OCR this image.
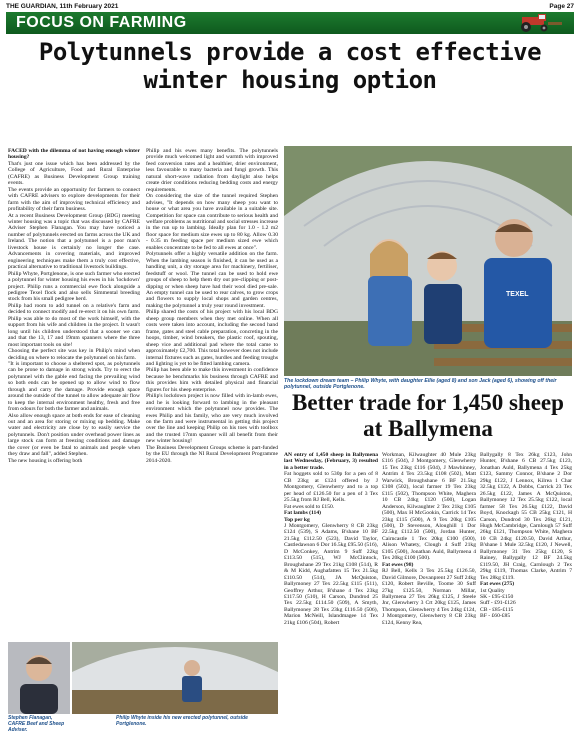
THE GUARDIAN, 11th February 2021	Page 27
FOCUS ON FARMING
Polytunnels provide a cost effective winter housing option

FACED with the dilemma of not having enough winter housing?

That's just one issue which has been addressed by the College of Agriculture, Food and Rural Enterprise (CAFRE) as Business Development Group training events.

The events provide an opportunity for farmers to connect with CAFRE advisers to explore developments for their farm with the aim of improving technical efficiency and profitability of their farm business.

At a recent Business Development Group (BDG) meeting winter housing was a topic that was discussed by CAFRE Adviser Stephen Flanagan. You may have noticed a number of polytunnels erected on farms across the UK and Ireland. The notion that a polytunnel is a poor man's livestock house is certainly no longer the case. Advancements in covering materials, and improved engineering techniques make them a truly cost effective, practical alternative to traditional livestock buildings.

Philip Whyte, Portglenone, is one such farmer who erected a polytunnel for winter housing his ewes in his 'lockdown' project. Philip runs a commercial ewe flock alongside a pedigree Texel flock and also sells Simmental breeding stock from his small pedigree herd.

Philip had room to add tunnel on a relative's farm and decided to connect modify and re-erect it on his own farm. Philip was able to do most of the work himself, with the support from his wife and children in the project. It wasn't long until his children understood that a sooner we can and that the 13, 17 and 19mm spanners where the three most important tools on site!

Choosing the perfect site was key in Philip's mind when deciding on where to relocate the polytunnel on his farm.

"It is important to choose a sheltered spot, as polytunnels can be prone to damage in strong winds. Try to erect the polytunnel with the gable end facing the prevailing wind so both ends can be opened up to allow wind to flow through and carry the damage. Provide enough space around the outside of the tunnel to allow adequate air flow to keep the internal environment healthy, fresh and free from odours for both the farmer and animals.

Also allow enough space at both ends for ease of cleaning out and an area for storing or mixing up bedding. Make water and electricity are close by to easily service the polytunnels. Don't position under overhead power lines as large stock can form at freezing conditions and damage the cover (or even be fatal to animals and people when they draw and fall", added Stephen.

The new housing is offering both

Philip and his ewes many benefits. The polytunnels provide much welcomed light and warmth with improved feed conversion rates and a healthier, drier environment, less favourable to many bacteria and fungi growth. This natural short-wave radiation from daylight also helps create drier conditions reducing bedding costs and energy requirements.

On considering the size of the tunnel required Stephen advises, "It depends on how many sheep you want to house or what area you have available in a suitable site. Competition for space can contribute to serious health and welfare problems as nutritional and social stresses increase in the run up to lambing. Ideally plan for 1.0 - 1.2 m2 floor space for medium size ewes up to 80 kg. Allow 0.30 - 0.35 m feeding space per medium sized ewe which enables concentrate to be fed to all ewes at once".

Polytunnels offer a highly versatile addition on the farm. When the lambing season is finished, it can be used as a handling unit, a dry storage area for machinery, fertiliser, feedstuff or wool. The tunnel can be used to hold ewe groups of sheep to help them dry out pre-clipping or post-dipping or when sheep have had their wool died pre-sale. An empty tunnel can be used to rear calves, to grow crops and flowers to supply local shops and garden centres, making the polytunnel a truly year round investment.

Philip shared the costs of his project with his local BDG sheep group members when they met online. When all costs were taken into account, including the second hand frame, gates and steel cable preparation, concreting in the hoops, timber, wind breakers, the plastic roof, spouting, sheep vice and additional pad where the total came to approximately £2,700. This total however does not include internal fixtures such as gates, hurdles and feeding troughs and lighting is yet to be fitted lambing camera.

Philip has been able to make this investment in confidence because he benchmarks his business through CAFRE and this provides him with detailed physical and financial figures for his sheep enterprise.

Philip's lockdown project is now filled with in-lamb ewes, and he is looking forward to lambing in the pleasant environment which the polytunnel now provides. The ewes Philip and his family, who are very much involved on the farm and were instrumental in getting this project over the line and keeping Philip on his toes with toolbox and the trusted 17mm spanner will all benefit from their new winter housing!

The Business Development Groups scheme is part-funded by the EU through the NI Rural Development Programme 2014-2020.

TEXEL
The lockdown dream team – Philip Whyte, with daughter Ellie (aged 8) and son Jack (aged 6), showing off their polytunnel, outside Portglenone.
Better trade for 1,450 sheep at Ballymena

AN entry of 1,450 sheep in Ballymena last Wednesday, (February, 3) resulted in a better trade.

Fat hoggets sold to 530p for a pen of 8 CB 23kg at £124 offered by J Montgomery, Glenwherry and to a top per head of £126.50 for a pen of 3 Tex 25.5kg from RJ Bell, Kells.

Fat ewes sold to £150.

Fat lambs (114)

Top per kg

J Montgomery, Glenwherry 8 CB 23kg £124 (539), S Adams, B'shane 10 BF 21.5kg £112.50 (523), David Taylor, Castledawson 6 Dor 16.5kg £95.50 (516), D McConkey, Antrim 9 Suff 22kg £113.50 (515), WJ McClintock, Broughshane 29 Tex 21kg £108 (514), R & M Kidd, Aughafatten 15 Tex 21.5kg £110.50 (514), JA McQuiston, Ballymoney 27 Tex 22.5kg £115 (511), Geoffrey Arthur, B'shane 4 Tex 23kg £117.50 (510), H Carson, Dundrod 25 Tex 22.5kg £114.50 (509), A Smyth, Ballymoney 28 Tex 23kg £116.50 (506), Marion McNeill, Islandmagee 14 Tex 21kg £106 (504), Robert

Workman, Kilwaughter 40 Mule 23kg £116 (504), J Montgomery, Glenwherry 15 Tex 23kg £116 (504), J Mawhinney, Antrim 4 Tex 23.5kg £108 (502), Matt Warwick, Broughshane 6 BF 21.5kg £108 (502), local farmer 19 Tex 23kg £115 (502), Thompson White, Maghera 10 CB 24kg £120 (500), Logan Anderson, Kilwaughter 2 Tex 21kg £105 (500), Max H McGookin, Carrick 14 Tex 23kg £115 (500), A 9 Tex 20kg £105 (500), D Stevenson, Aloughill 1 Dor 22.5kg £112.50 (500), Jordan Hunter, Cairncastle 1 Tex 20kg £100 (500), Alison Whatety, Clough 4 Suff 21kg £105 (500), Jonathan Auld, Ballymena 4 Tex 20kg £100 (500).

Fat ewes (98)

RJ Bell, Kells 3 Tex 25.5kg £126.50, David Gilmore, Dovanprent 27 Suff 24kg £120, Robert Beville, Toome 30 Suff 27kg £125.50, Norman Millar, Ballymena 27 Tex 26kg £125, J Steele Jnr, Glenwherry 3 Crt 20kg £125, James Thompson, Glenwherry 4 Tex 24kg £124, J Montgomery, Glenwherry 8 CB 23kg £124, Kenny Rea,

Ballygally 8 Tex 26kg £123, John Hunter, B'shane 6 CB 27.5kg £123, Jonathan Auld, Ballymena 4 Tex 25kg £123, Sammy Connor, B'shane 2 Dor 29kg £122, J Lennox, Kilrea 1 Char 32.5kg £122, A Dobbs, Carrick 23 Tex 26.5kg £122, James A McQuiston, Ballymoney 12 Tex 25.5kg £122, local farmer 58 Tex 26.5kg £122, David Boyd, Knockagh 55 CB 25kg £121, H Carson, Dundrod 30 Tex 26kg £121, Hugh McCambridge, Carnlough 57 Suff 26kg £121, Thompson White, Maghera 10 CB 24kg £120.50, David Arthur, B'shane 1 Mule 32.5kg £120, J Newell, Ballymoney 31 Tex 25kg £120, S Rainey, Ballygally 12 BF 24.5kg £119.50, JH Craig, Carnlough 2 Tex 29kg £119, Thomas Clarke, Antrim 7 Tex 28kg £119.

Fat ewes (275)

1st Quality

SK - £95-£150

Suff - £91-£126

CB - £85-£115

BF - £60-£85

Stephen Flanagan, CAFRE Beef and Sheep Adviser.
Philip Whyte inside his new erected polytunnel, outside Portglenone.
